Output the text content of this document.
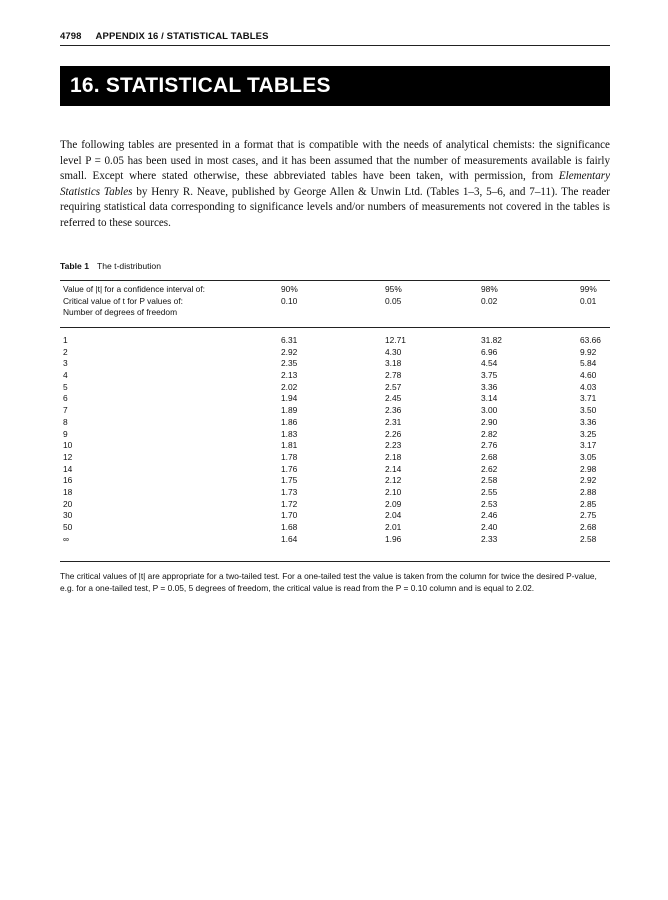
4798 APPENDIX 16 / STATISTICAL TABLES
16. STATISTICAL TABLES

The following tables are presented in a format that is compatible with the needs of analytical chemists: the significance level P = 0.05 has been used in most cases, and it has been assumed that the number of measurements available is fairly small. Except where stated otherwise, these abbreviated tables have been taken, with permission, from Elementary Statistics Tables by Henry R. Neave, published by George Allen & Unwin Ltd. (Tables 1–3, 5–6, and 7–11). The reader requiring statistical data corresponding to significance levels and/or numbers of measurements not covered in the tables is referred to these sources.

Table 1 The t-distribution
Value of |t| for a confidence interval of:	90%	95%	98%	99%
Critical value of t for P values of:	0.10	0.05	0.02	0.01
Number of degrees of freedom
1	6.31	12.71	31.82	63.66
2	2.92	4.30	6.96	9.92
3	2.35	3.18	4.54	5.84
4	2.13	2.78	3.75	4.60
5	2.02	2.57	3.36	4.03
6	1.94	2.45	3.14	3.71
7	1.89	2.36	3.00	3.50
8	1.86	2.31	2.90	3.36
9	1.83	2.26	2.82	3.25
10	1.81	2.23	2.76	3.17
12	1.78	2.18	2.68	3.05
14	1.76	2.14	2.62	2.98
16	1.75	2.12	2.58	2.92
18	1.73	2.10	2.55	2.88
20	1.72	2.09	2.53	2.85
30	1.70	2.04	2.46	2.75
50	1.68	2.01	2.40	2.68
∞	1.64	1.96	2.33	2.58

The critical values of |t| are appropriate for a two-tailed test. For a one-tailed test the value is taken from the column for twice the desired P-value, e.g. for a one-tailed test, P = 0.05, 5 degrees of freedom, the critical value is read from the P = 0.10 column and is equal to 2.02.
